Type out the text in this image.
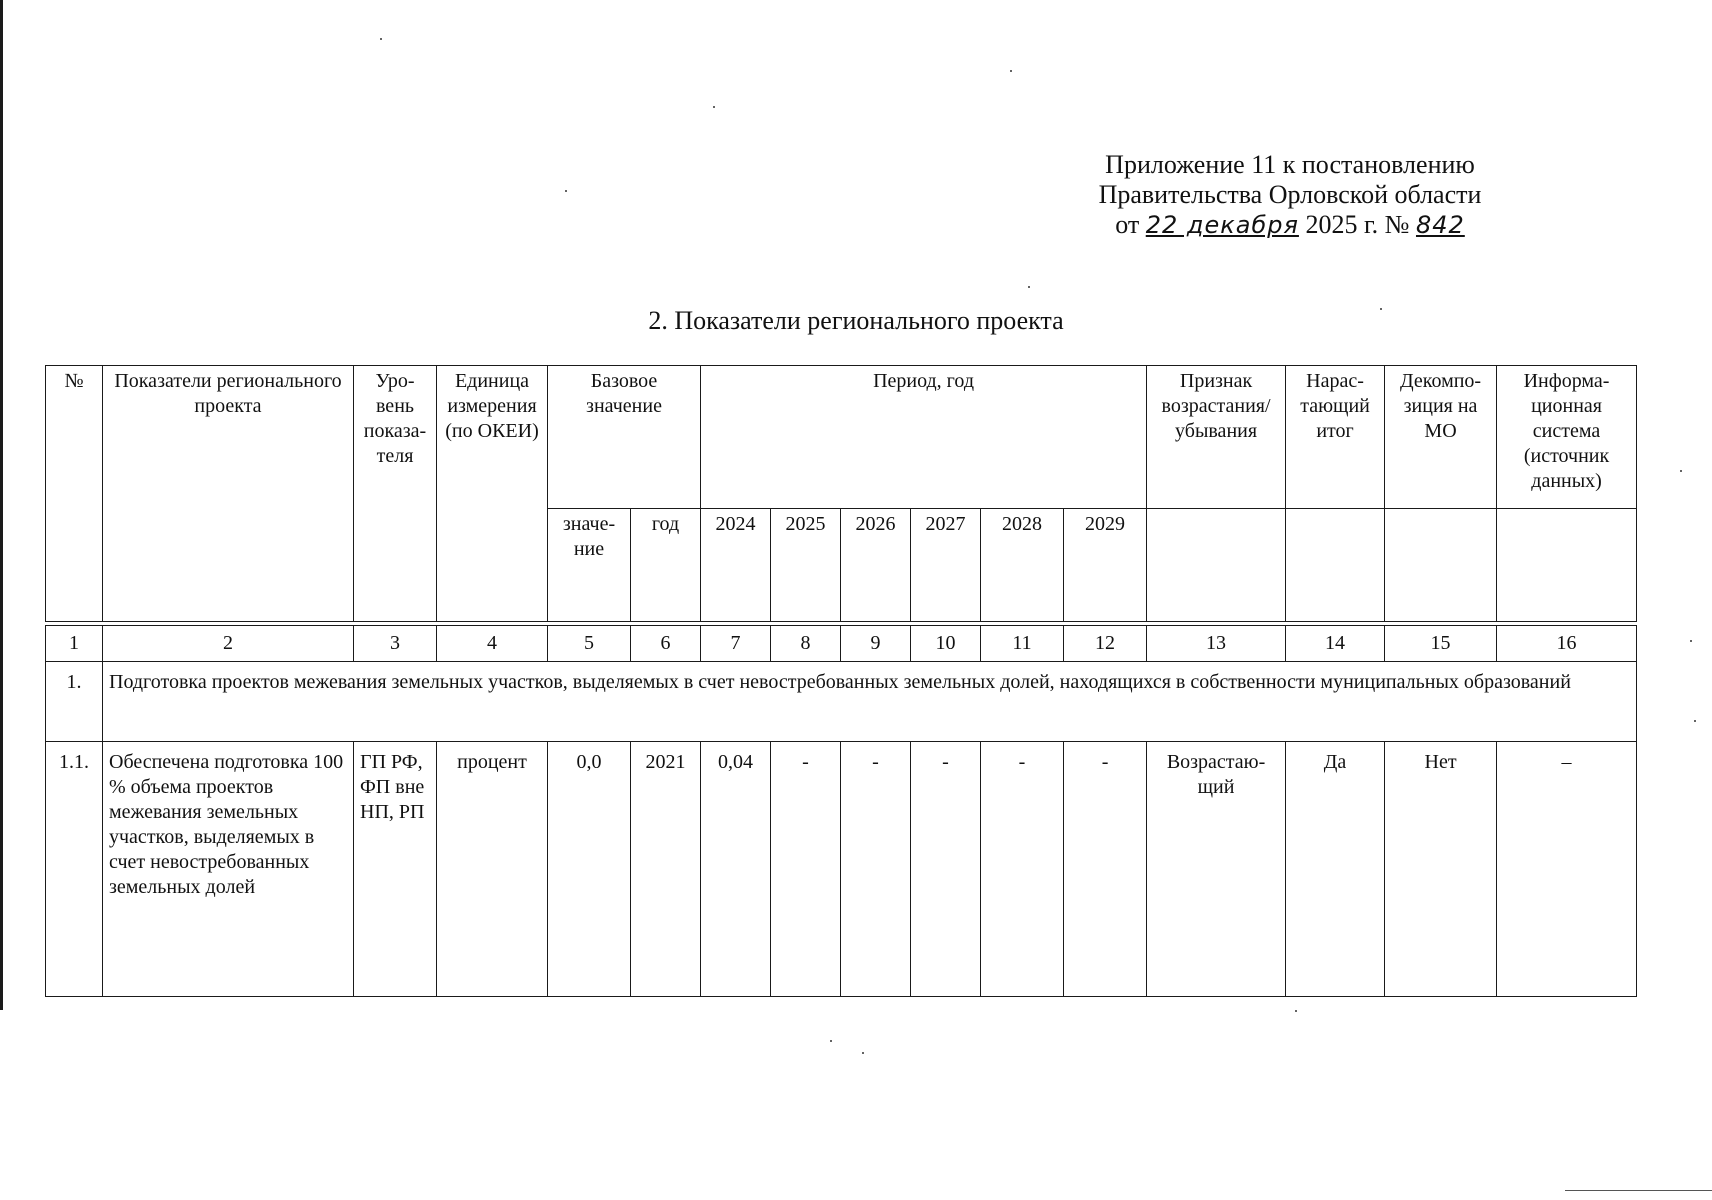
Приложение 11 к постановлению
Правительства Орловской области
от 22 декабря 2025 г. № 842
2. Показатели регионального проекта
№	Показатели регионального проекта	Уро-вень показа-теля	Единица измерения (по ОКЕИ)	Базовое значение		Период, год						Признак возрастания/ убывания	Нарас-тающий итог	Декомпо-зиция на МО	Информа-ционная система (источник данных)
				значе-ние	год	2024	2025	2026	2027	2028	2029				

1	2	3	4	5	6	7	8	9	10	11	12	13	14	15	16
1.	Подготовка проектов межевания земельных участков, выделяемых в счет невостребованных земельных долей, находящихся в собственности муниципальных образований														
1.1.	Обеспечена подготовка 100 % объема проектов межевания земельных участков, выделяемых в счет невостребованных земельных долей	ГП РФ, ФП вне НП, РП	процент	0,0	2021	0,04	-	-	-	-	-	Возрастаю-щий	Да	Нет	–
